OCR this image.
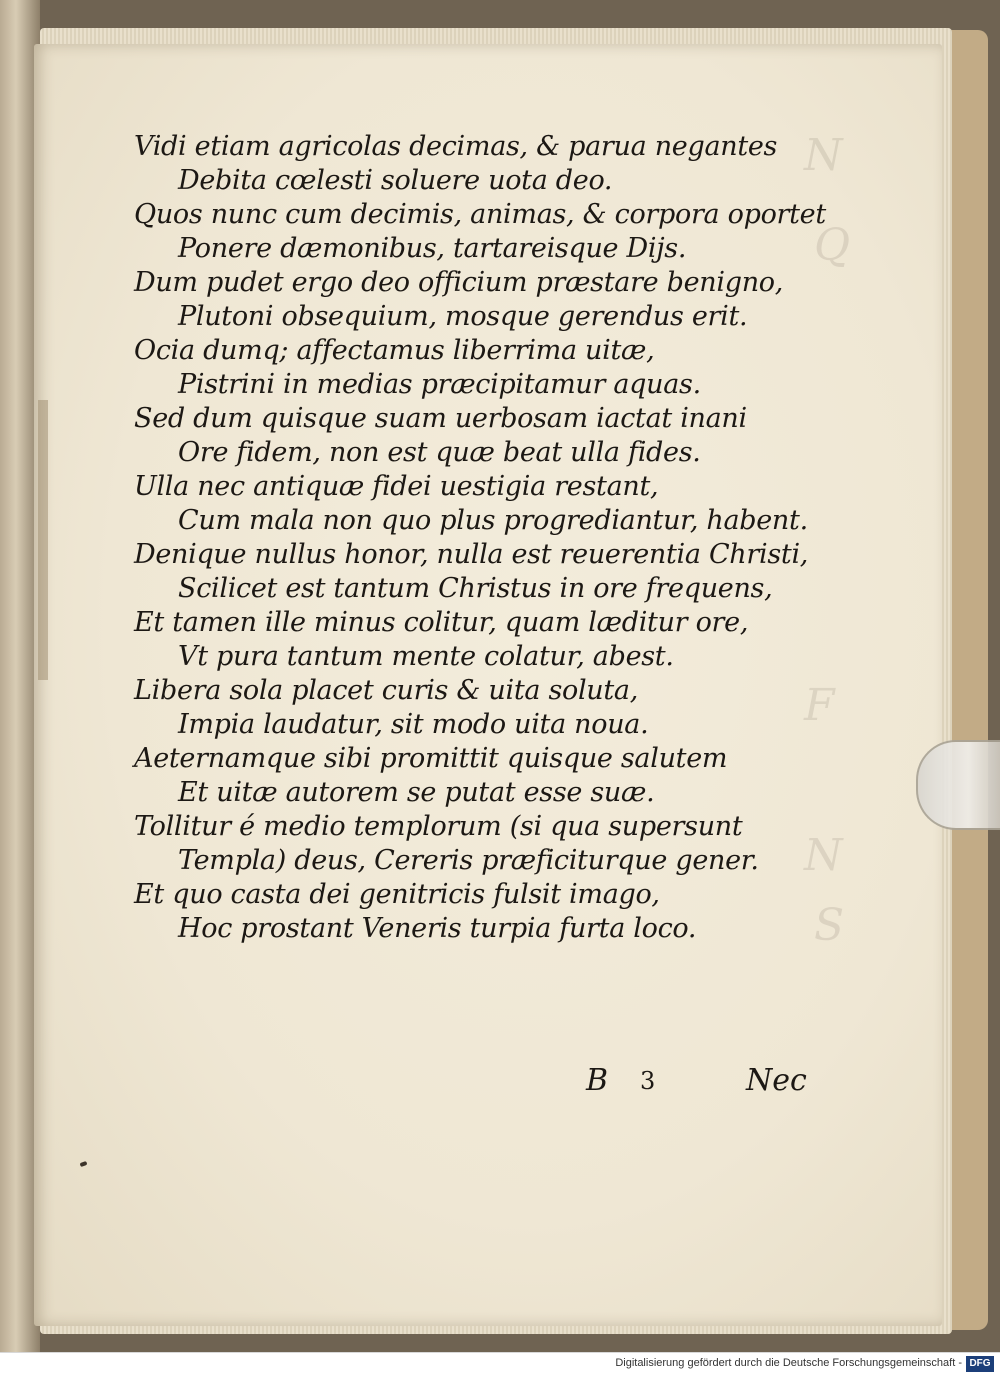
N
Q
F
N
S
Vidi etiam agricolas decimas, & parua negantes
Debita cœlesti soluere uota deo.
Quos nunc cum decimis, animas, & corpora oportet
Ponere dæmonibus, tartareisque Dijs.
Dum pudet ergo deo officium præstare benigno,
Plutoni obsequium, mosque gerendus erit.
Ocia dumq; affectamus liberrima uitæ,
Pistrini in medias præcipitamur aquas.
Sed dum quisque suam uerbosam iactat inani
Ore fidem, non est quæ beat ulla fides.
Ulla nec antiquæ fidei uestigia restant,
Cum mala non quo plus progrediantur, habent.
Denique nullus honor, nulla est reuerentia Christi,
Scilicet est tantum Christus in ore frequens,
Et tamen ille minus colitur, quam læditur ore,
Vt pura tantum mente colatur, abest.
Libera sola placet curis & uita soluta,
Impia laudatur, sit modo uita noua.
Aeternamque sibi promittit quisque salutem
Et uitæ autorem se putat esse suæ.
Tollitur é medio templorum (si qua supersunt
Templa) deus, Cereris præficiturque gener.
Et quo casta dei genitricis fulsit imago,
Hoc prostant Veneris turpia furta loco.
B 3	Nec
Digitalisierung gefördert durch die Deutsche Forschungsgemeinschaft - DFG
